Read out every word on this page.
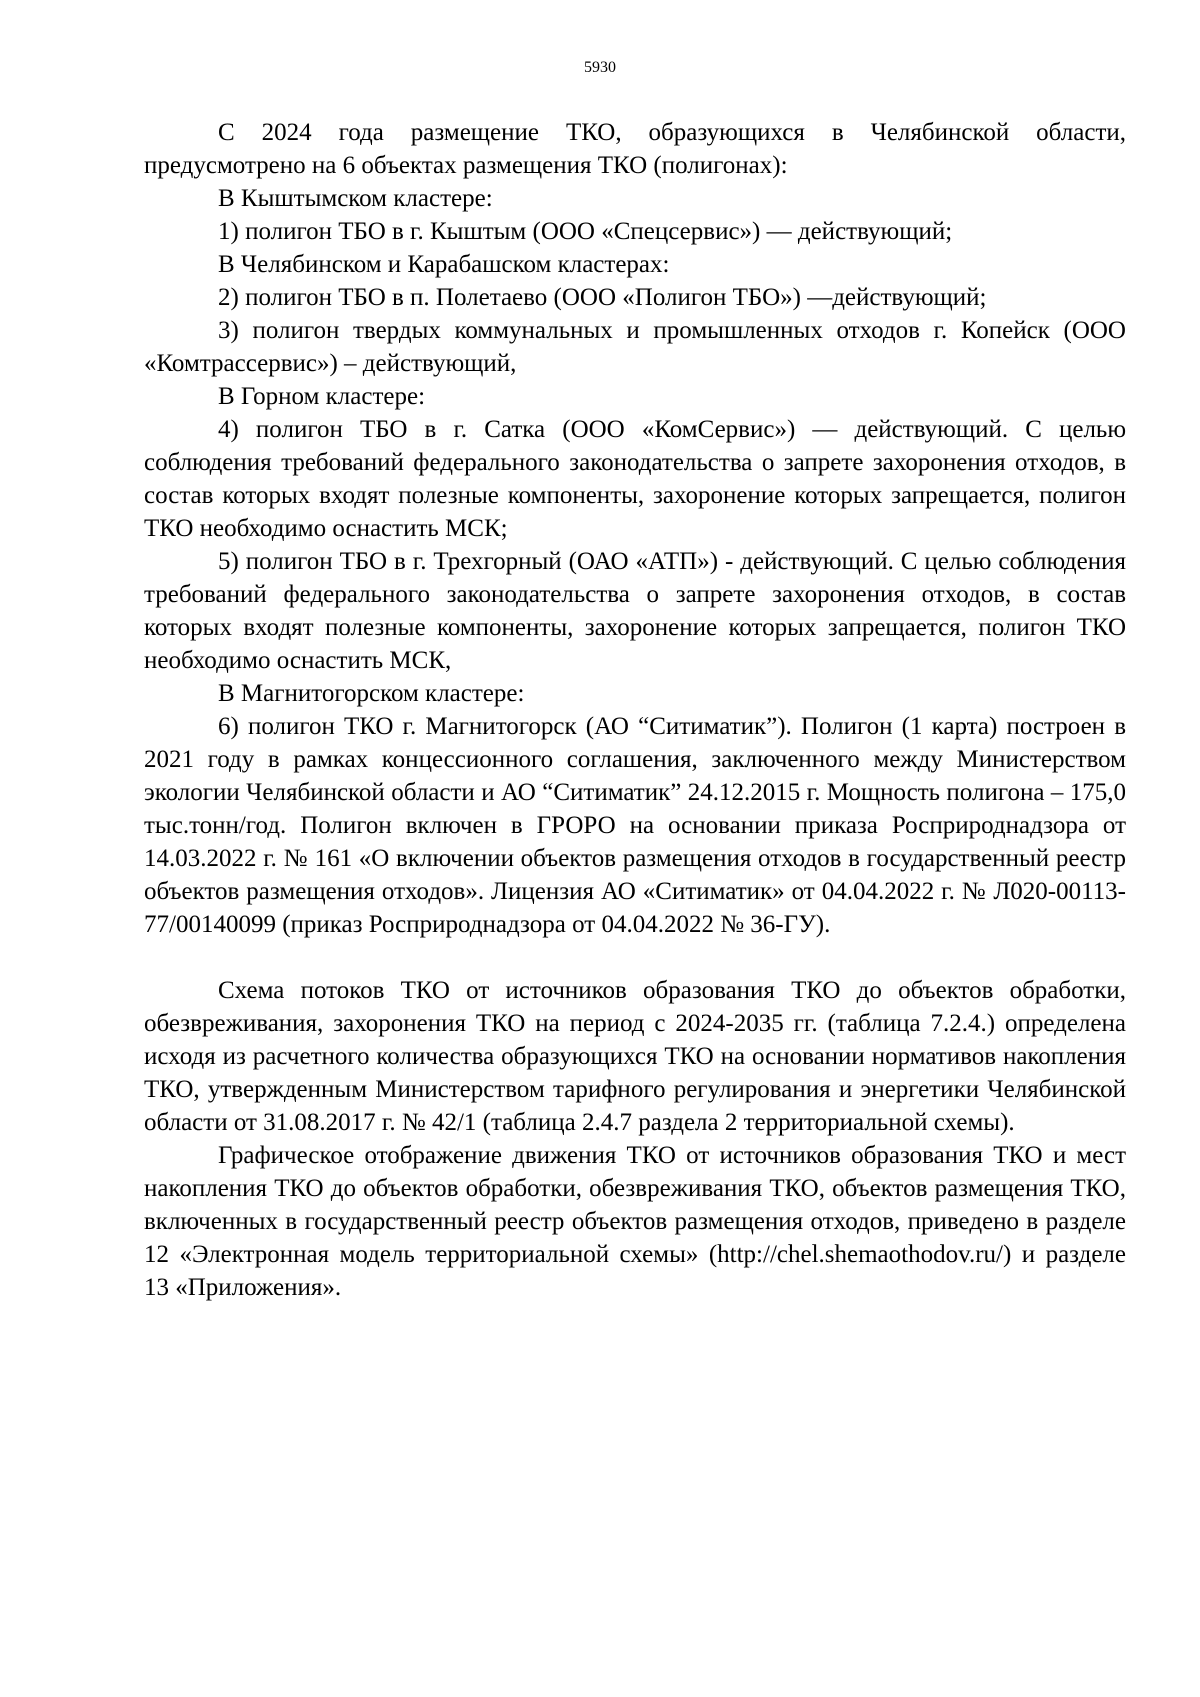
5930

С 2024 года размещение ТКО, образующихся в Челябинской области, предусмотрено на 6 объектах размещения ТКО (полигонах):

В Кыштымском кластере:

1) полигон ТБО в г. Кыштым (ООО «Спецсервис») — действующий;

В Челябинском и Карабашском кластерах:

2) полигон ТБО в п. Полетаево (ООО «Полигон ТБО») —действующий;

3) полигон твердых коммунальных и промышленных отходов г. Копейск (ООО «Комтрассервис») – действующий,

В Горном кластере:

4) полигон ТБО в г. Сатка (ООО «КомСервис») — действующий. С целью соблюдения требований федерального законодательства о запрете захоронения отходов, в состав которых входят полезные компоненты, захоронение которых запрещается, полигон ТКО необходимо оснастить МСК;

5) полигон ТБО в г. Трехгорный (ОАО «АТП») - действующий. С целью соблюдения требований федерального законодательства о запрете захоронения отходов, в состав которых входят полезные компоненты, захоронение которых запрещается, полигон ТКО необходимо оснастить МСК,

В Магнитогорском кластере:

6) полигон ТКО г. Магнитогорск (АО “Ситиматик”). Полигон (1 карта) построен в 2021 году в рамках концессионного соглашения, заключенного между Министерством экологии Челябинской области и АО “Ситиматик” 24.12.2015 г. Мощность полигона – 175,0 тыс.тонн/год. Полигон включен в ГРОРО на основании приказа Росприроднадзора от 14.03.2022 г. № 161 «О включении объектов размещения отходов в государственный реестр объектов размещения отходов». Лицензия АО «Ситиматик» от 04.04.2022 г. № Л020-00113-77/00140099 (приказ Росприроднадзора от 04.04.2022 № 36-ГУ).

Схема потоков ТКО от источников образования ТКО до объектов обработки, обезвреживания, захоронения ТКО на период с 2024-2035 гг. (таблица 7.2.4.) определена исходя из расчетного количества образующихся ТКО на основании нормативов накопления ТКО, утвержденным Министерством тарифного регулирования и энергетики Челябинской области от 31.08.2017 г. № 42/1 (таблица 2.4.7 раздела 2 территориальной схемы).

Графическое отображение движения ТКО от источников образования ТКО и мест накопления ТКО до объектов обработки, обезвреживания ТКО, объектов размещения ТКО, включенных в государственный реестр объектов размещения отходов, приведено в разделе 12 «Электронная модель территориальной схемы» (http://chel.shemaothodov.ru/) и разделе 13 «Приложения».
